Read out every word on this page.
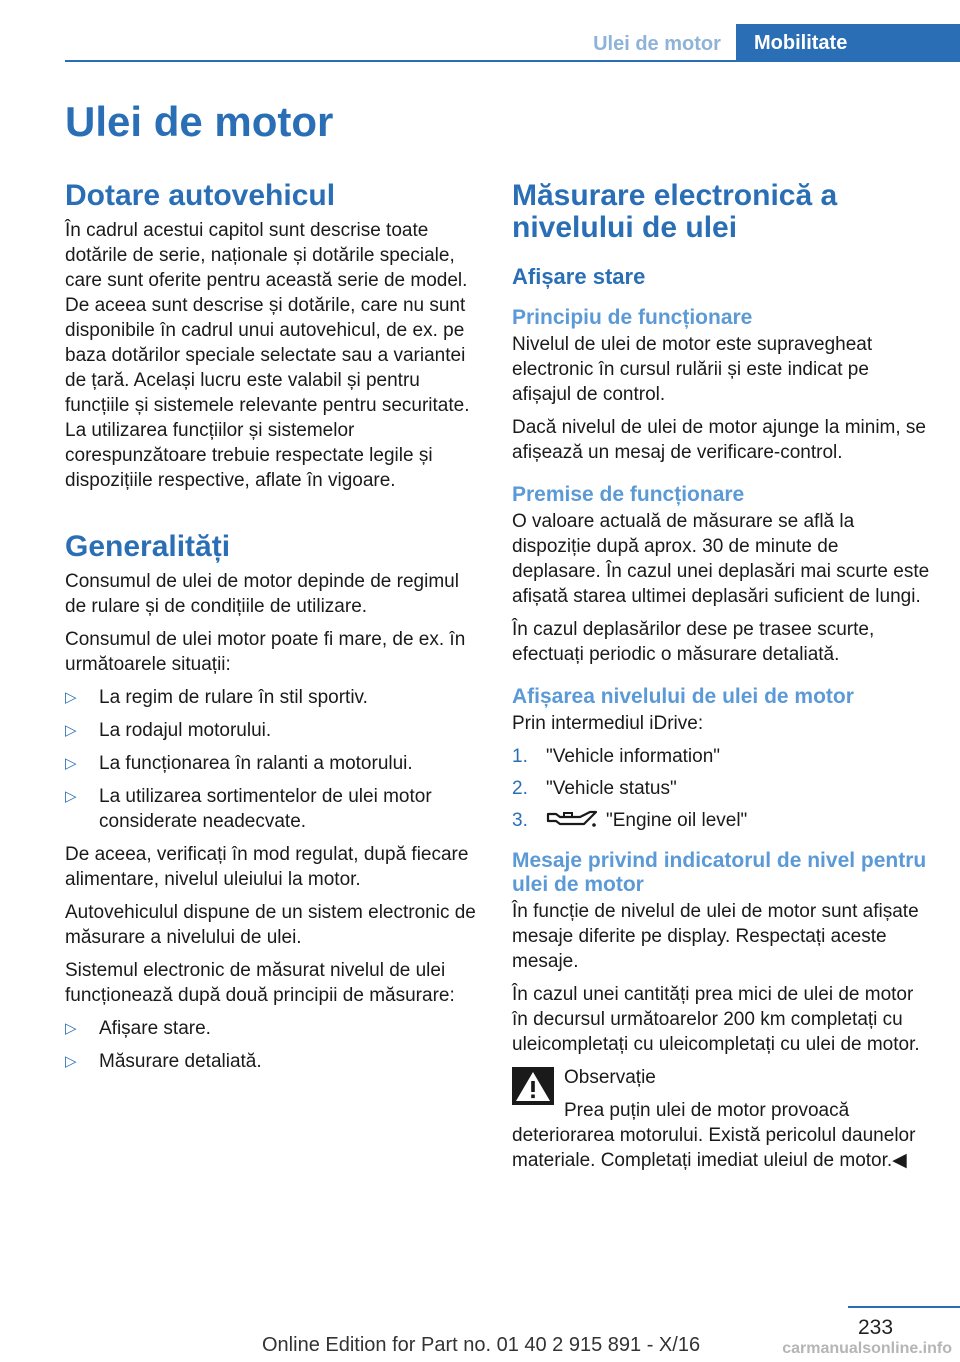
Ulei de motor	Mobilitate
Ulei de motor
Dotare autovehicul

În cadrul acestui capitol sunt descrise toate dotările de serie, naționale și dotările speciale, care sunt oferite pentru această serie de model. De aceea sunt descrise și dotările, care nu sunt disponibile în cadrul unui autovehicul, de ex. pe baza dotărilor speciale selectate sau a variantei de țară. Același lucru este valabil și pentru funcțiile și sistemele relevante pentru securitate. La utilizarea funcțiilor și sistemelor corespunzătoare trebuie respectate legile și dispozițiile respective, aflate în vigoare.

Generalități

Consumul de ulei de motor depinde de regimul de rulare și de condițiile de utilizare.

Consumul de ulei motor poate fi mare, de ex. în următoarele situații:

▷ La regim de rulare în stil sportiv.
▷ La rodajul motorului.
▷ La funcționarea în ralanti a motorului.
▷ La utilizarea sortimentelor de ulei motor considerate neadecvate.

De aceea, verificați în mod regulat, după fiecare alimentare, nivelul uleiului la motor.

Autovehiculul dispune de un sistem electronic de măsurare a nivelului de ulei.

Sistemul electronic de măsurat nivelul de ulei funcționează după două principii de măsurare:

▷ Afișare stare.
▷ Măsurare detaliată.
Măsurare electronică a nivelului de ulei
Afișare stare
Principiu de funcționare

Nivelul de ulei de motor este supravegheat electronic în cursul rulării și este indicat pe afișajul de control.

Dacă nivelul de ulei de motor ajunge la minim, se afișează un mesaj de verificare-control.

Premise de funcționare

O valoare actuală de măsurare se află la dispoziție după aprox. 30 de minute de deplasare. În cazul unei deplasări mai scurte este afișată starea ultimei deplasări suficient de lungi.

În cazul deplasărilor dese pe trasee scurte, efectuați periodic o măsurare detaliată.

Afișarea nivelului de ulei de motor

Prin intermediul iDrive:

1. "Vehicle information"
2. "Vehicle status"
3.	"Engine oil level"
Mesaje privind indicatorul de nivel pentru ulei de motor

În funcție de nivelul de ulei de motor sunt afișate mesaje diferite pe display. Respectați aceste mesaje.

În cazul unei cantități prea mici de ulei de motor în decursul următoarelor 200 km completați cu uleicompletați cu uleicompletați cu ulei de motor.

Observație

Prea puțin ulei de motor provoacă deteriorarea motorului. Există pericolul daunelor materiale. Completați imediat uleiul de motor.◀

233
Online Edition for Part no. 01 40 2 915 891 - X/16	carmanualsonline.info
